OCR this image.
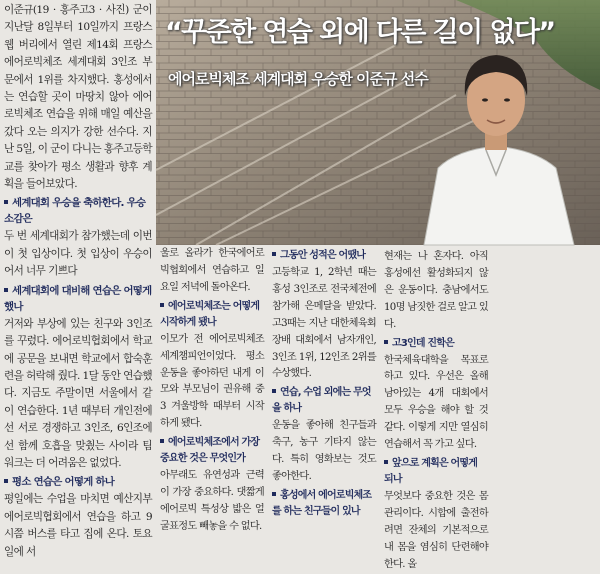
이준규(19 · 홍주고3 · 사진) 군이 지난달 8일부터 10일까지 프랑스 웹 버리에서 열린 제14회 프랑스 에어로빅체조 세계대회 3인조 부문에서 1위를 차지했다. 홍성에서는 연습할 곳이 마땅치 않아 에어로빅체조 연습을 위해 매일 예산을 갔다 오는 의지가 강한 선수다. 지난 5일, 이 군이 다니는 홍주고등학교를 찾아가 평소 생활과 향후 계획을 들어보았다.

세계대회 우승을 축하한다. 우승 소감은

두 번 세계대회가 참가했는데 이번이 첫 입상이다. 첫 입상이 우승이어서 너무 기쁘다

세계대회에 대비해 연습은 어떻게 했나

거저와 부상에 있는 친구와 3인조를 꾸렸다. 에어로빅협회에서 학교에 공문을 보내면 학교에서 합숙훈련을 허락해 줬다. 1달 동안 연습했다. 지금도 주말이면 서울에서 같이 연습한다. 1년 때부터 개인전에선 서로 경쟁하고 3인조, 6인조에선 함께 호흡을 맞췄는 사이라 팀워크는 더 어려움은 없었다.

평소 연습은 어떻게 하나

평일에는 수업을 마치면 예산지부 에어로빅협회에서 연습을 하고 9시쯤 버스를 타고 집에 온다. 토요일에 서

“꾸준한 연습 외에 다른 길이 없다”
에어로빅체조 세계대회 우승한 이준규 선수

울로 올라가 한국에어로빅협회에서 연습하고 일요일 저녁에 돌아온다.

에어로빅체조는 어떻게 시작하게 됐나

이모가 전 에어로빅체조 세계챔피언이었다. 평소 운동을 좋아하던 내게 이모와 부모님이 권유해 중3 겨울방학 때부터 시작하게 됐다.

에어로빅체조에서 가장 중요한 것은 무엇인가

아무래도 유연성과 근력이 가장 중요하다. 댓짧게 에어로빅 특성상 밟은 얼굴표정도 빼놓을 수 없다.

그동안 성적은 어땠나

고등학교 1, 2학년 때는 홍성 3인조로 전국체전에 참가해 은메달을 받았다. 고3때는 지난 대한체육회장배 대회에서 남자개인, 3인조 1위, 12인조 2위를 수상했다.

연습, 수업 외에는 무엇을 하나

운동을 좋아해 친구들과 축구, 농구 기타지 않는다. 특히 영화보는 것도 좋아한다.

홍성에서 에어로빅체조를 하는 친구들이 있나

현재는 나 혼자다. 아직 홍성에선 활성화되지 않은 운동이다. 충남에서도 10명 남짓한 걸로 알고 있다.

고3인데 진학은

한국체육대학을 목표로 하고 있다. 우선은 올해 남아있는 4개 대회에서 모두 우승을 해야 할 것 같다. 이렇게 지만 열심히 연습해서 꼭 가고 싶다.

앞으로 계획은 어떻게 되나

무엇보다 중요한 것은 몸 관리이다. 시합에 출전하려면 잔체의 기본적으로 내 몸을 염심히 단련해야 한다. 올
